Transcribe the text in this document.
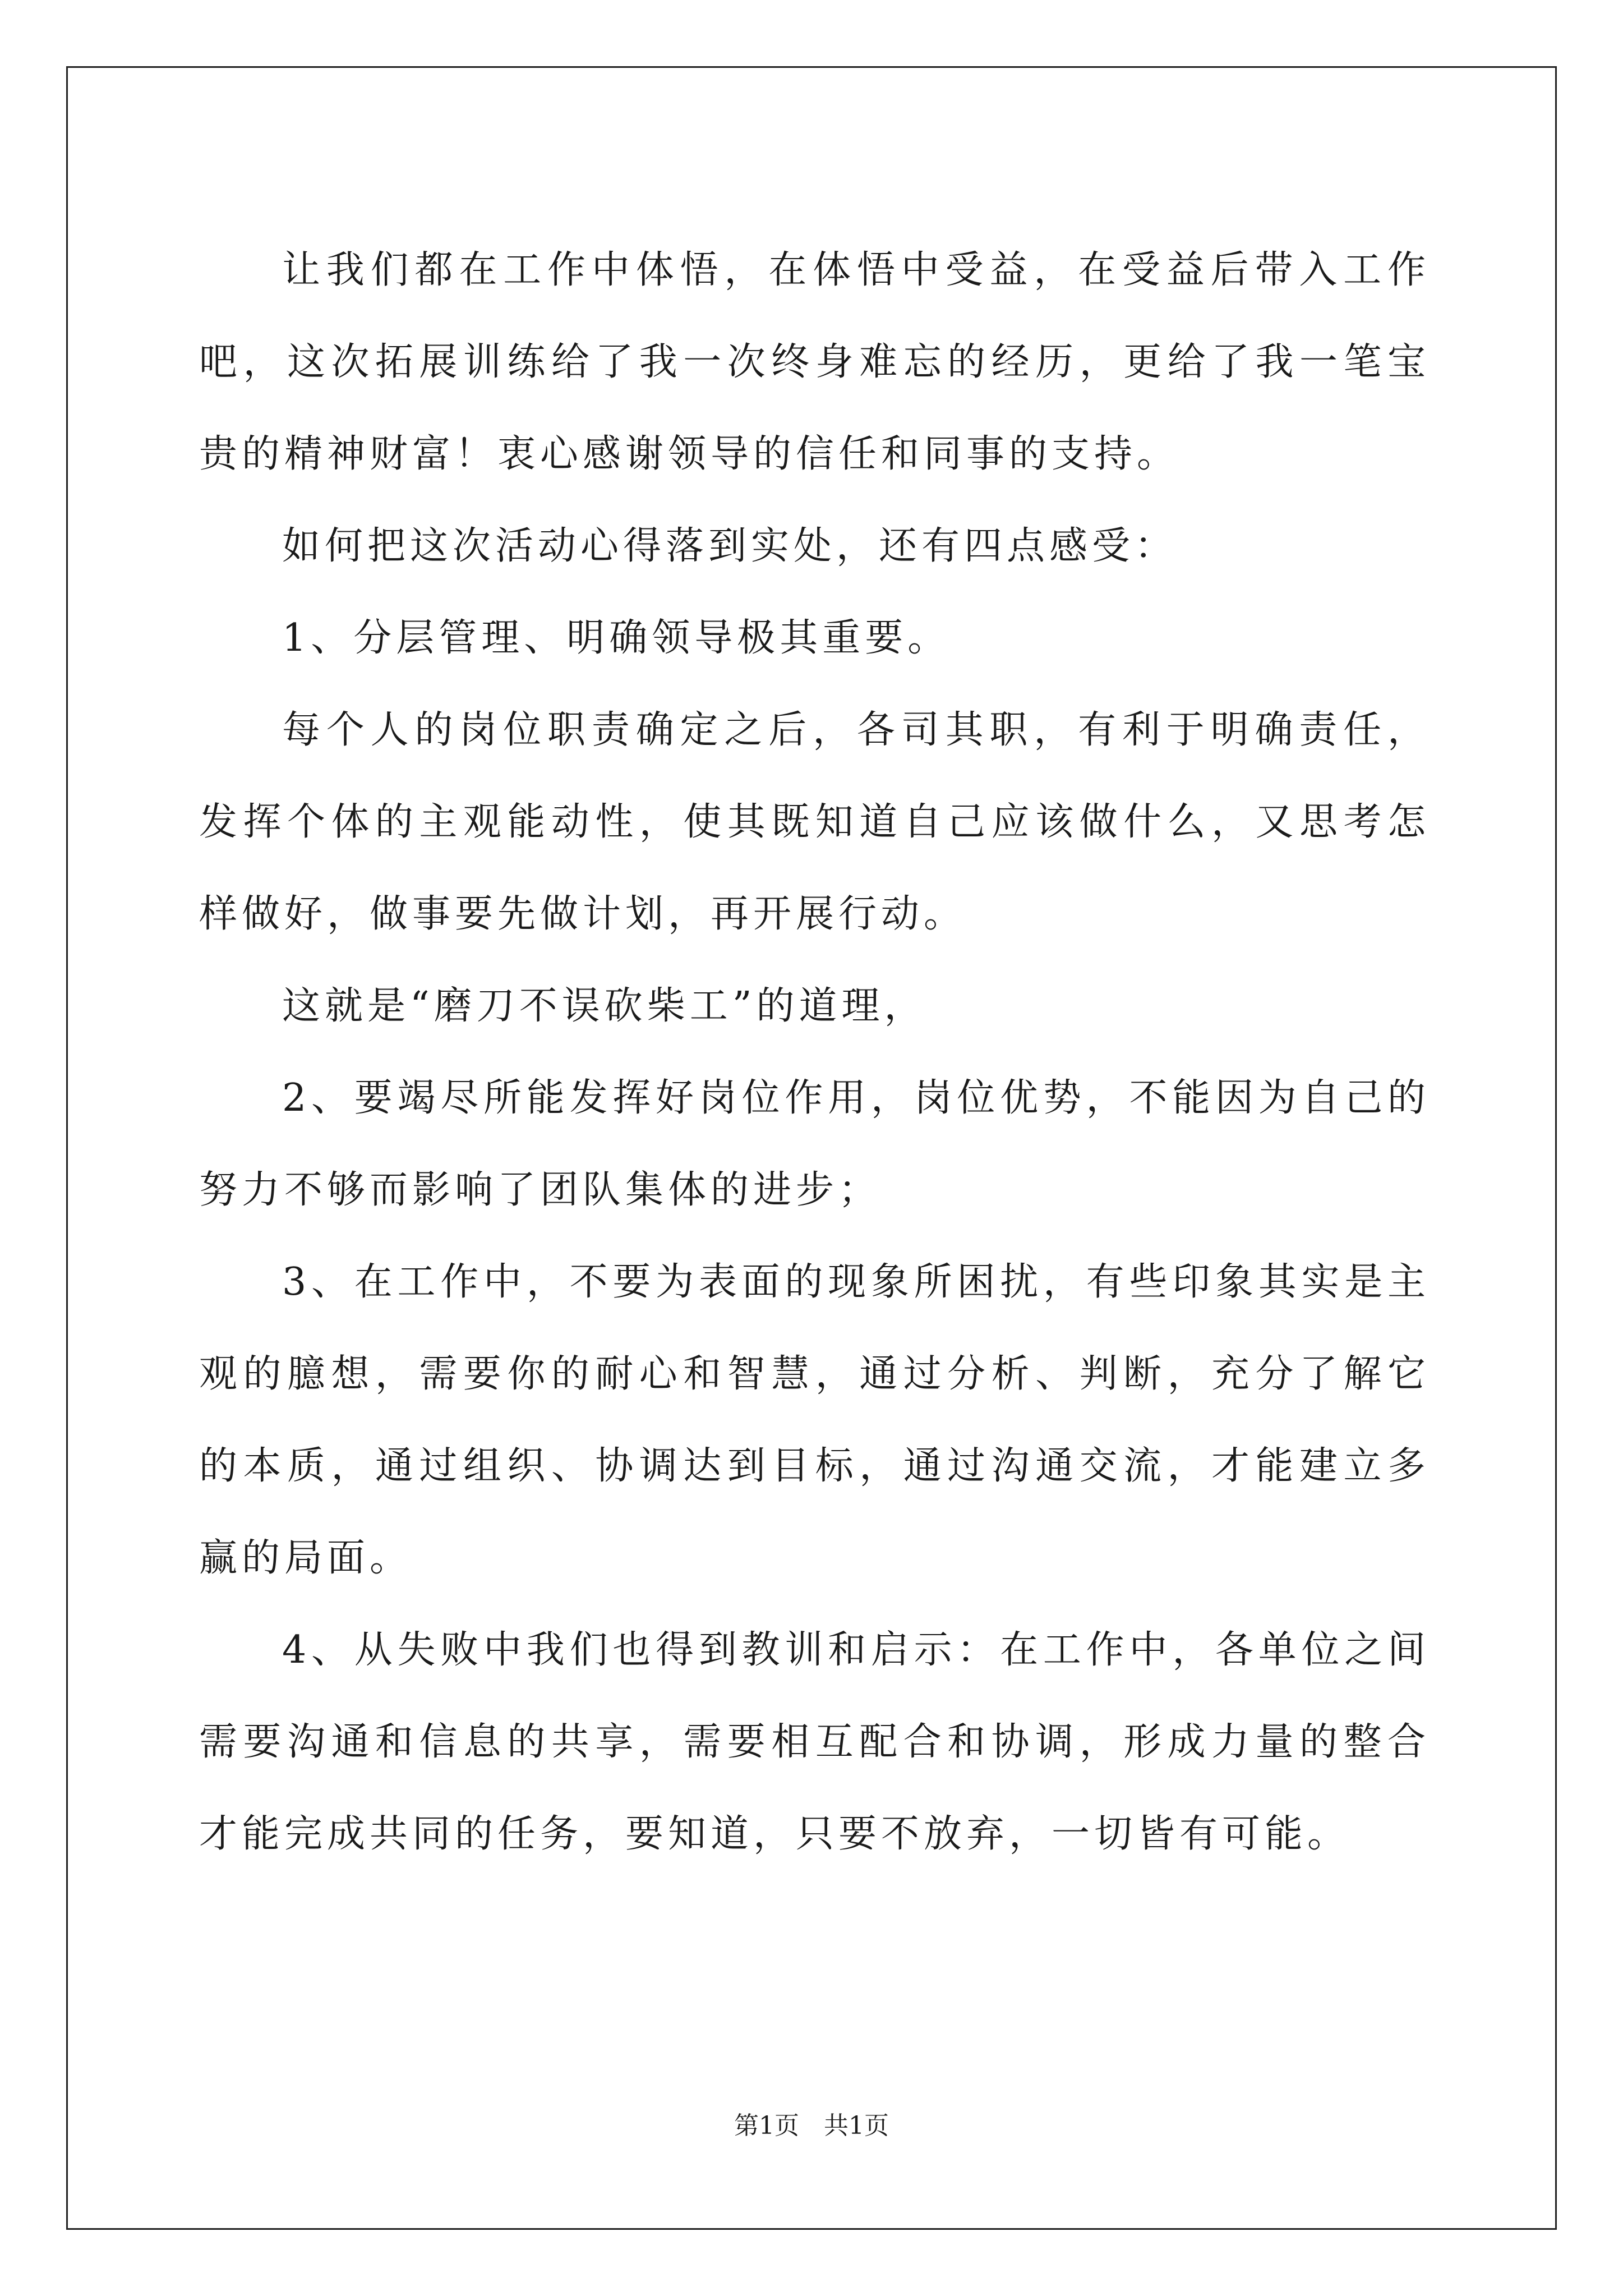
让我们都在工作中体悟，在体悟中受益，在受益后带入工作吧，这次拓展训练给了我一次终身难忘的经历，更给了我一笔宝贵的精神财富！衷心感谢领导的信任和同事的支持。

如何把这次活动心得落到实处，还有四点感受：

1、分层管理、明确领导极其重要。

每个人的岗位职责确定之后，各司其职，有利于明确责任，发挥个体的主观能动性，使其既知道自己应该做什么，又思考怎样做好，做事要先做计划，再开展行动。

这就是“磨刀不误砍柴工”的道理，

2、要竭尽所能发挥好岗位作用，岗位优势，不能因为自己的努力不够而影响了团队集体的进步；

3、在工作中，不要为表面的现象所困扰，有些印象其实是主观的臆想，需要你的耐心和智慧，通过分析、判断，充分了解它的本质，通过组织、协调达到目标，通过沟通交流，才能建立多赢的局面。

4、从失败中我们也得到教训和启示：在工作中，各单位之间需要沟通和信息的共享，需要相互配合和协调，形成力量的整合才能完成共同的任务，要知道，只要不放弃，一切皆有可能。

第1页 共1页
